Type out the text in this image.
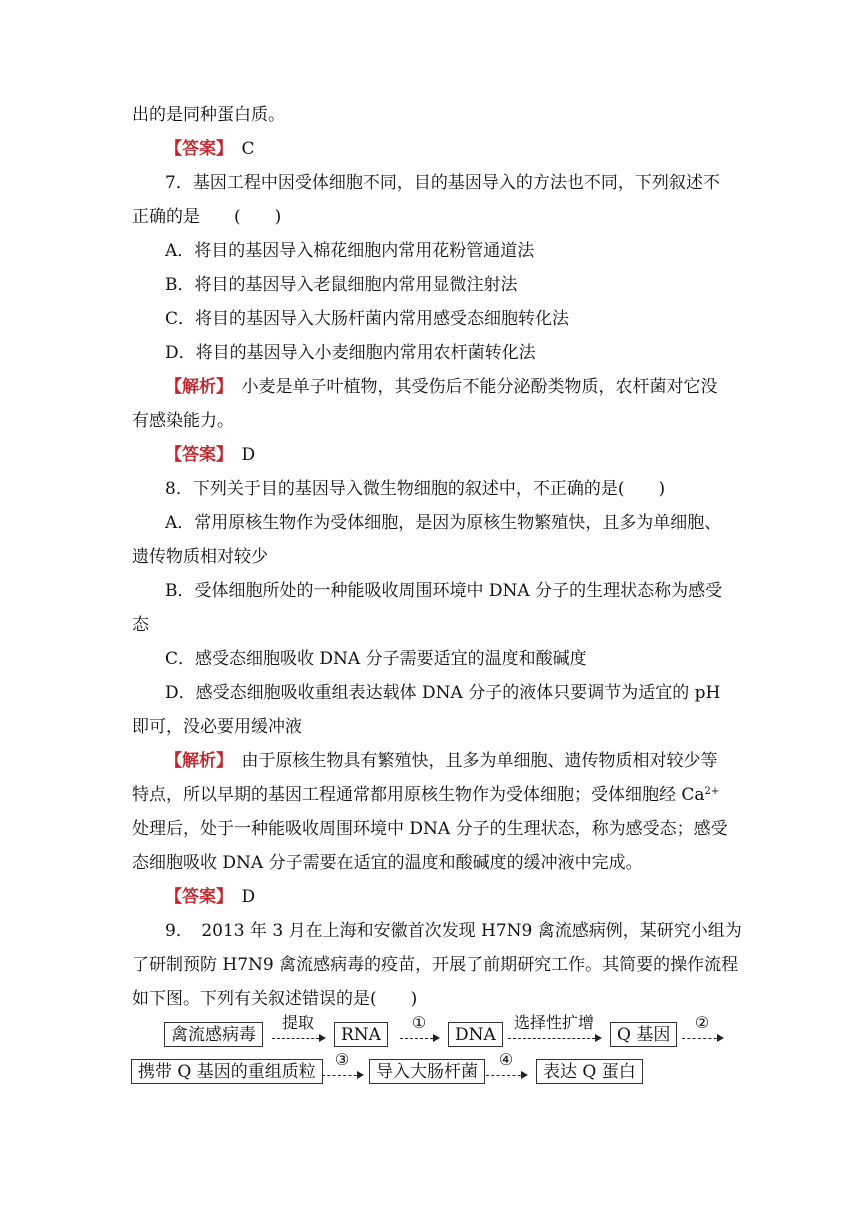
出的是同种蛋白质。
【答案】　 C
7．基因工程中因受体细胞不同，目的基因导入的方法也不同，下列叙述不
正确的是　　(　　)
A．将目的基因导入棉花细胞内常用花粉管通道法
B．将目的基因导入老鼠细胞内常用显微注射法
C．将目的基因导入大肠杆菌内常用感受态细胞转化法
D．将目的基因导入小麦细胞内常用农杆菌转化法
【解析】　小麦是单子叶植物，其受伤后不能分泌酚类物质，农杆菌对它没
有感染能力。
【答案】　 D
8．下列关于目的基因导入微生物细胞的叙述中，不正确的是(　　)
A．常用原核生物作为受体细胞，是因为原核生物繁殖快，且多为单细胞、
遗传物质相对较少
B．受体细胞所处的一种能吸收周围环境中 DNA 分子的生理状态称为感受
态
C．感受态细胞吸收 DNA 分子需要适宜的温度和酸碱度
D．感受态细胞吸收重组表达载体 DNA 分子的液体只要调节为适宜的 pH
即可，没必要用缓冲液
【解析】　由于原核生物具有繁殖快，且多为单细胞、遗传物质相对较少等
特点，所以早期的基因工程通常都用原核生物作为受体细胞；受体细胞经 $Ca^{2+}$
处理后，处于一种能吸收周围环境中 DNA 分子的生理状态，称为感受态；感受
态细胞吸收 DNA 分子需要在适宜的温度和酸碱度的缓冲液中完成。
【答案】　 D
9．　2013 年 3 月在上海和安徽首次发现 H7N9 禽流感病例，某研究小组为
了研制预防 H7N9 禽流感病毒的疫苗，开展了前期研究工作。其简要的操作流程
如下图。下列有关叙述错误的是(　　)
禽流感病毒
提取
RNA
①
DNA
选择性扩增
Q 基因
②
携带 Q 基因的重组质粒
③
导入大肠杆菌
④
表达 Q 蛋白
